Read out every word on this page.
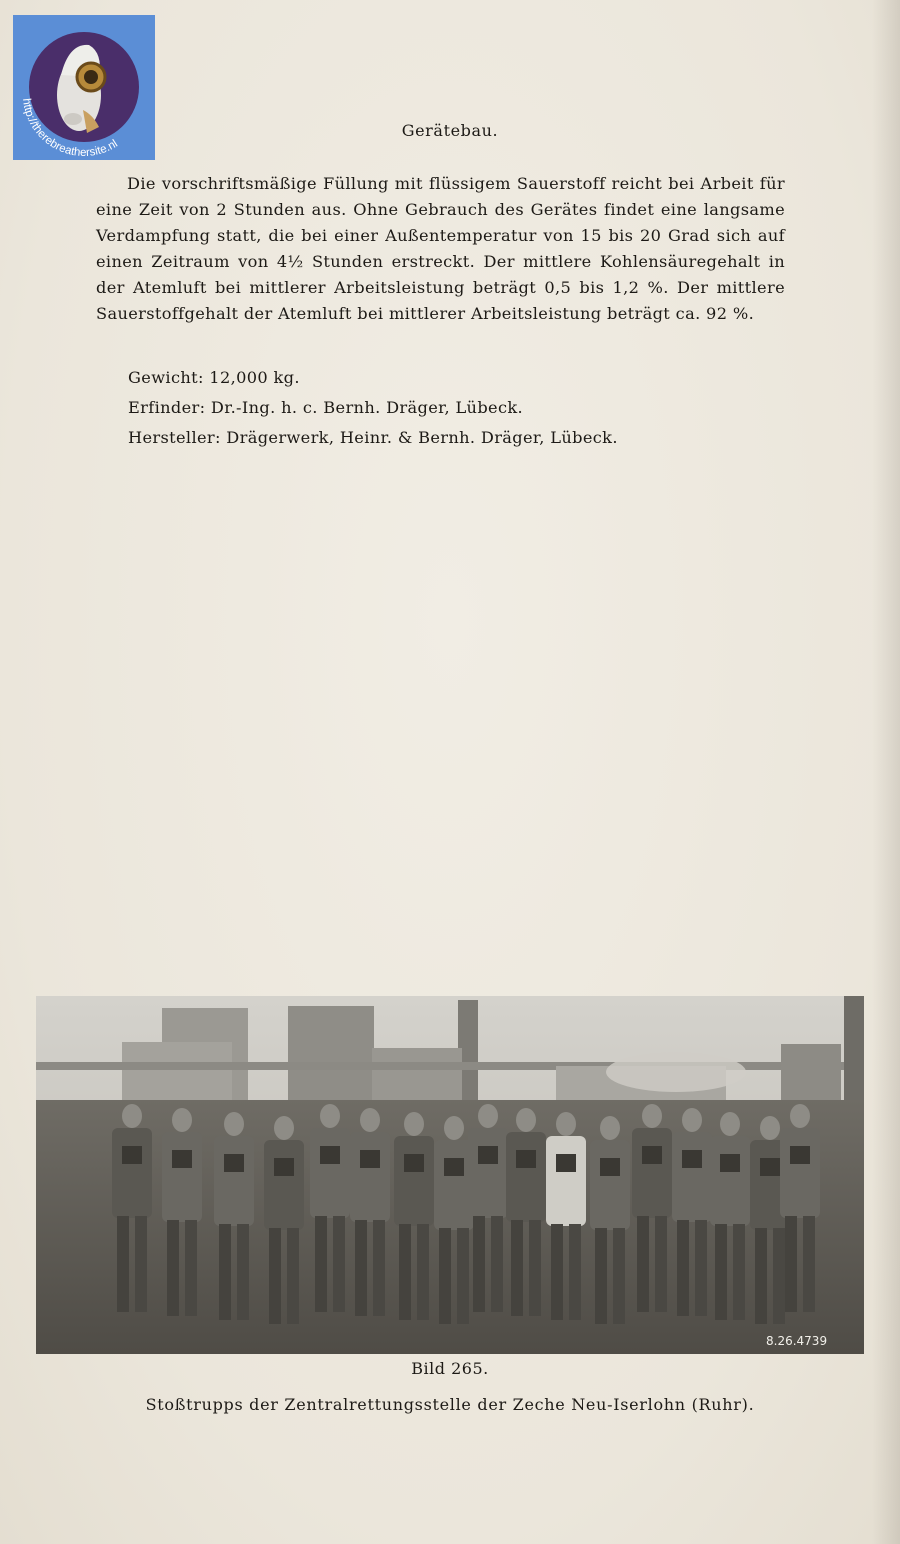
http://therebreathersite.nl
Gerätebau.

Die vorschriftsmäßige Füllung mit flüssigem Sauerstoff reicht bei Arbeit für eine Zeit von 2 Stunden aus. Ohne Gebrauch des Gerätes findet eine langsame Verdampfung statt, die bei einer Außentemperatur von 15 bis 20 Grad sich auf einen Zeitraum von 4½ Stunden erstreckt. Der mittlere Kohlensäuregehalt in der Atemluft bei mittlerer Arbeitsleistung beträgt 0,5 bis 1,2 %. Der mittlere Sauerstoffgehalt der Atemluft bei mittlerer Arbeitsleistung beträgt ca. 92 %.

Gewicht: 12,000 kg.
Erfinder: Dr.-Ing. h. c. Bernh. Dräger, Lübeck.
Hersteller: Drägerwerk, Heinr. & Bernh. Dräger, Lübeck.
8.26.4739
Bild 265.
Stoßtrupps der Zentralrettungsstelle der Zeche Neu-Iserlohn (Ruhr).
